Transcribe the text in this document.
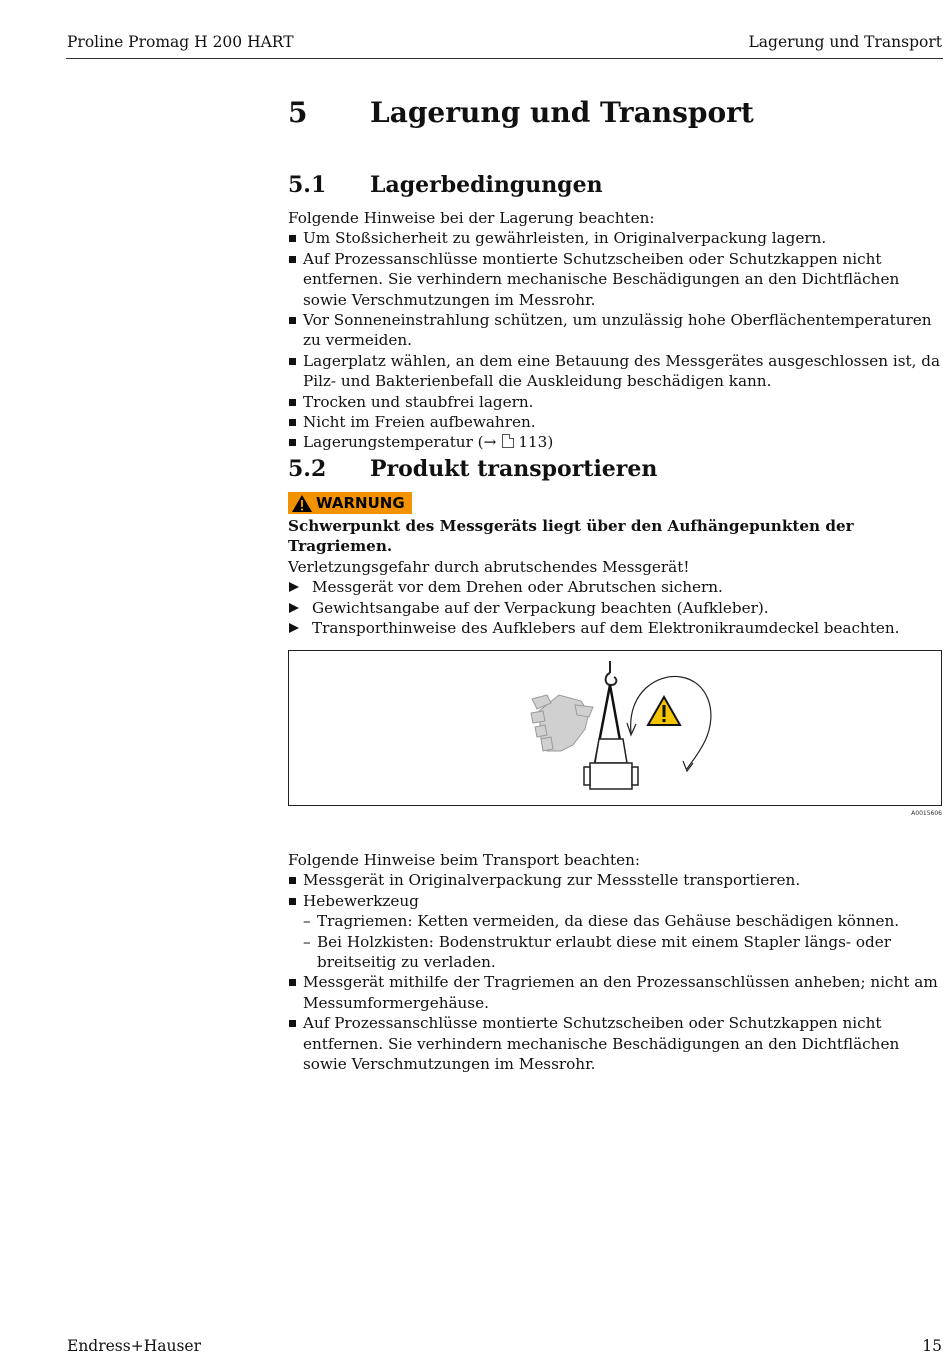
Proline Promag H 200 HART	Lagerung und Transport
5 Lagerung und Transport
5.1 Lagerbedingungen

Folgende Hinweise bei der Lagerung beachten:

Um Stoßsicherheit zu gewährleisten, in Originalverpackung lagern.
Auf Prozessanschlüsse montierte Schutzscheiben oder Schutzkappen nicht entfernen. Sie verhindern mechanische Beschädigungen an den Dichtflächen sowie Verschmutzungen im Messrohr.
Vor Sonneneinstrahlung schützen, um unzulässig hohe Oberflächentemperaturen zu vermeiden.
Lagerplatz wählen, an dem eine Betauung des Messgerätes ausgeschlossen ist, da Pilz- und Bakterienbefall die Auskleidung beschädigen kann.
Trocken und staubfrei lagern.
Nicht im Freien aufbewahren.
Lagerungstemperatur (→ 113)
5.2 Produkt transportieren
WARNUNG

Schwerpunkt des Messgeräts liegt über den Aufhängepunkten der Tragriemen.

Verletzungsgefahr durch abrutschendes Messgerät!

Messgerät vor dem Drehen oder Abrutschen sichern.
Gewichtsangabe auf der Verpackung beachten (Aufkleber).
Transporthinweise des Aufklebers auf dem Elektronikraumdeckel beachten.
A0015606

Folgende Hinweise beim Transport beachten:

Messgerät in Originalverpackung zur Messstelle transportieren.
Hebewerkzeug
– Tragriemen: Ketten vermeiden, da diese das Gehäuse beschädigen können.
– Bei Holzkisten: Bodenstruktur erlaubt diese mit einem Stapler längs- oder breitseitig zu verladen.
Messgerät mithilfe der Tragriemen an den Prozessanschlüssen anheben; nicht am Messumformergehäuse.
Auf Prozessanschlüsse montierte Schutzscheiben oder Schutzkappen nicht entfernen. Sie verhindern mechanische Beschädigungen an den Dichtflächen sowie Verschmutzungen im Messrohr.
Endress+Hauser	15
